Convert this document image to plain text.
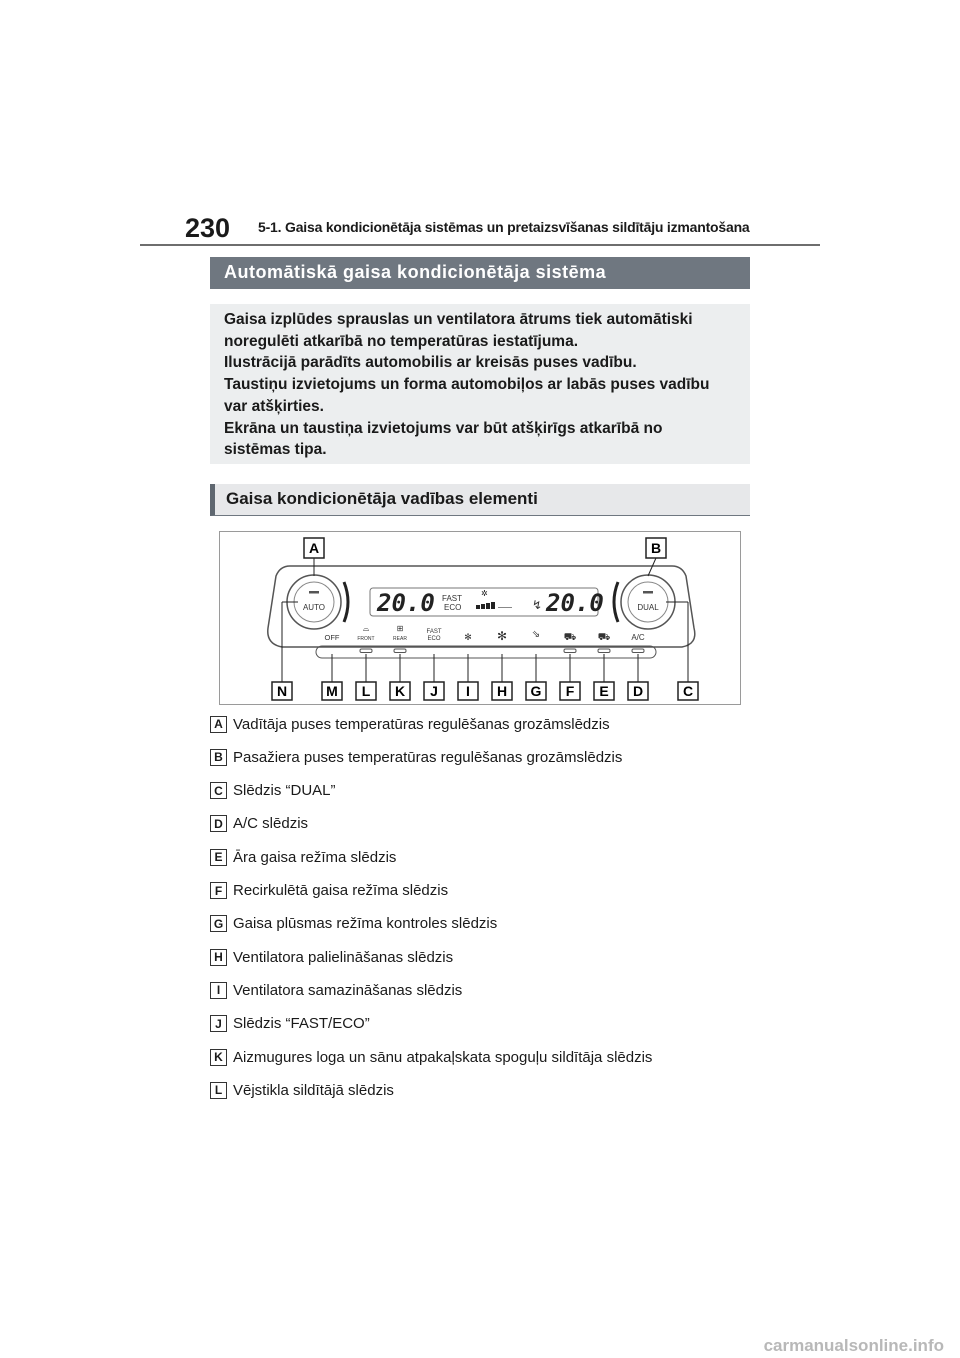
230 5-1. Gaisa kondicionētāja sistēmas un pretaizsvīšanas sildītāju izmantošana
Automātiskā gaisa kondicionētāja sistēma

Gaisa izplūdes sprauslas un ventilatora ātrums tiek automātiski

noregulēti atkarībā no temperatūras iestatījuma.

Ilustrācijā parādīts automobilis ar kreisās puses vadību.

Taustiņu izvietojums un forma automobiļos ar labās puses vadību

var atšķirties.

Ekrāna un taustiņa izvietojums var būt atšķirīgs atkarībā no

sistēmas tipa.

Gaisa kondicionētāja vadības elementi
AUTO	DUAL
20.0 FAST
ECO
✲
↯ 20.0
OFF
⌓
FRONT
⊞
REAR
FAST
ECO	✻ ✻ ⇘ ⛟ ⛟	A/C
A	B
N	M L K J I H G F E D	C
A Vadītāja puses temperatūras regulēšanas grozāmslēdzis
B Pasažiera puses temperatūras regulēšanas grozāmslēdzis
C Slēdzis “DUAL”
D A/C slēdzis
E Āra gaisa režīma slēdzis
F Recirkulētā gaisa režīma slēdzis
G Gaisa plūsmas režīma kontroles slēdzis
H Ventilatora palielināšanas slēdzis
I Ventilatora samazināšanas slēdzis
J Slēdzis “FAST/ECO”
K Aizmugures loga un sānu atpakaļskata spoguļu sildītāja slēdzis
L Vējstikla sildītājā slēdzis
carmanualsonline.info
